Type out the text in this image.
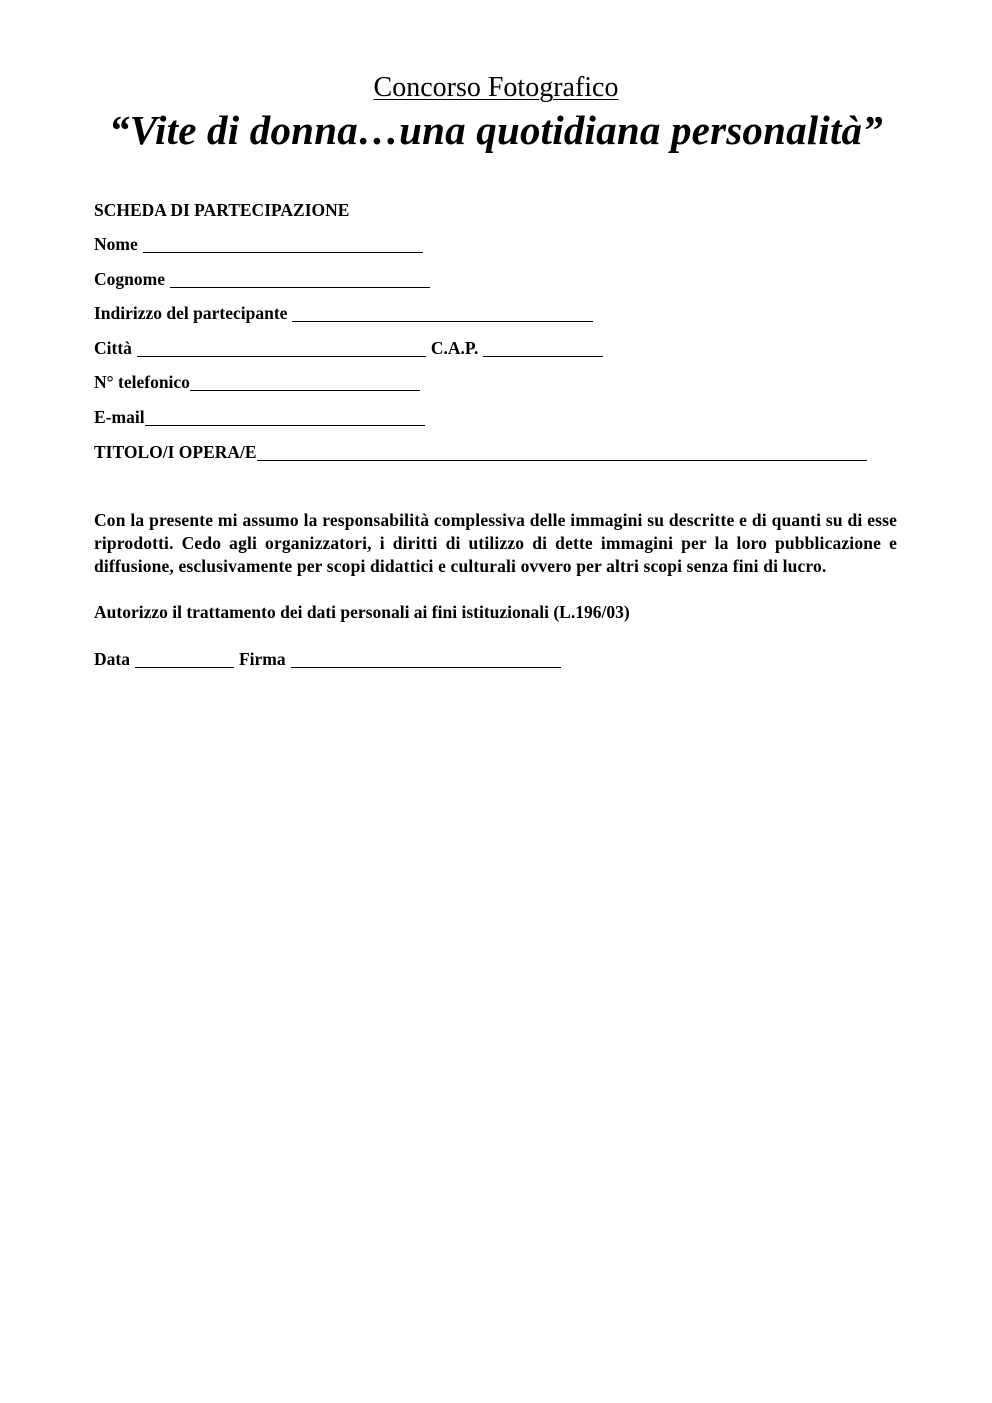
Concorso Fotografico
“Vite di donna…una quotidiana personalità”
SCHEDA DI PARTECIPAZIONE
Nome
Cognome
Indirizzo del partecipante
Città	C.A.P.
N° telefonico
E-mail
TITOLO/I OPERA/E
Con la presente mi assumo la responsabilità complessiva delle immagini su descritte e di quanti su di esse riprodotti. Cedo agli organizzatori, i diritti di utilizzo di dette immagini per la loro pubblicazione e diffusione, esclusivamente per scopi didattici e culturali ovvero per altri scopi senza fini di lucro.
Autorizzo il trattamento dei dati personali ai fini istituzionali (L.196/03)
Data	Firma
